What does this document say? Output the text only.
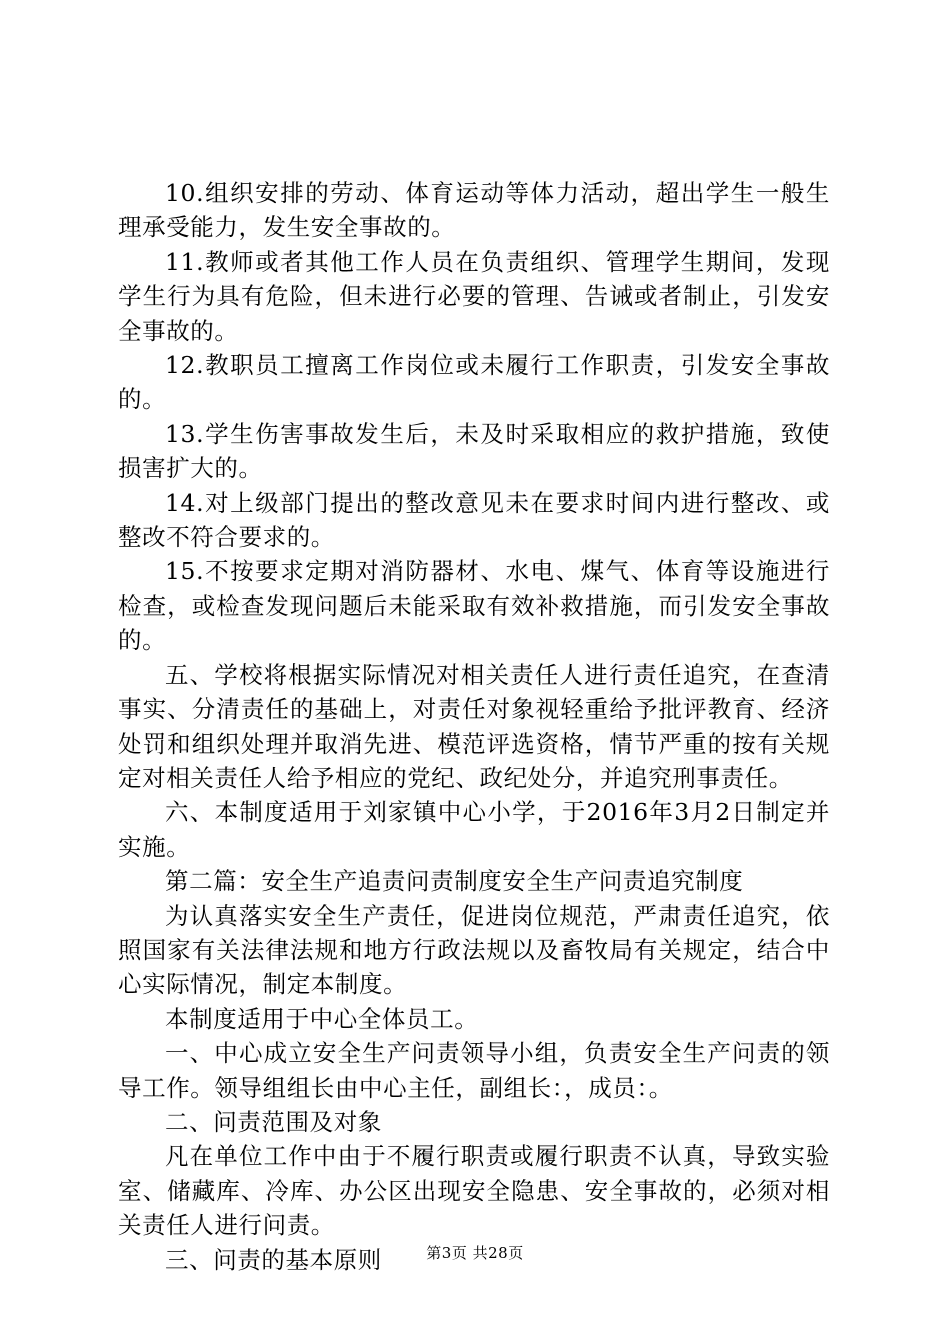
10.组织安排的劳动、体育运动等体力活动，超出学生一般生理承受能力，发生安全事故的。

11.教师或者其他工作人员在负责组织、管理学生期间，发现学生行为具有危险，但未进行必要的管理、告诫或者制止，引发安全事故的。

12.教职员工擅离工作岗位或未履行工作职责，引发安全事故的。

13.学生伤害事故发生后，未及时采取相应的救护措施，致使损害扩大的。

14.对上级部门提出的整改意见未在要求时间内进行整改、或整改不符合要求的。

15.不按要求定期对消防器材、水电、煤气、体育等设施进行检查，或检查发现问题后未能采取有效补救措施，而引发安全事故的。

五、学校将根据实际情况对相关责任人进行责任追究，在查清事实、分清责任的基础上，对责任对象视轻重给予批评教育、经济处罚和组织处理并取消先进、模范评选资格，情节严重的按有关规定对相关责任人给予相应的党纪、政纪处分，并追究刑事责任。

六、本制度适用于刘家镇中心小学，于2016年3月2日制定并实施。

第二篇：安全生产追责问责制度安全生产问责追究制度

为认真落实安全生产责任，促进岗位规范，严肃责任追究，依照国家有关法律法规和地方行政法规以及畜牧局有关规定，结合中心实际情况，制定本制度。

本制度适用于中心全体员工。

一、中心成立安全生产问责领导小组，负责安全生产问责的领导工作。领导组组长由中心主任，副组长：，成员：。

二、问责范围及对象

凡在单位工作中由于不履行职责或履行职责不认真，导致实验室、储藏库、冷库、办公区出现安全隐患、安全事故的，必须对相关责任人进行问责。

三、问责的基本原则	第3页 共28页
